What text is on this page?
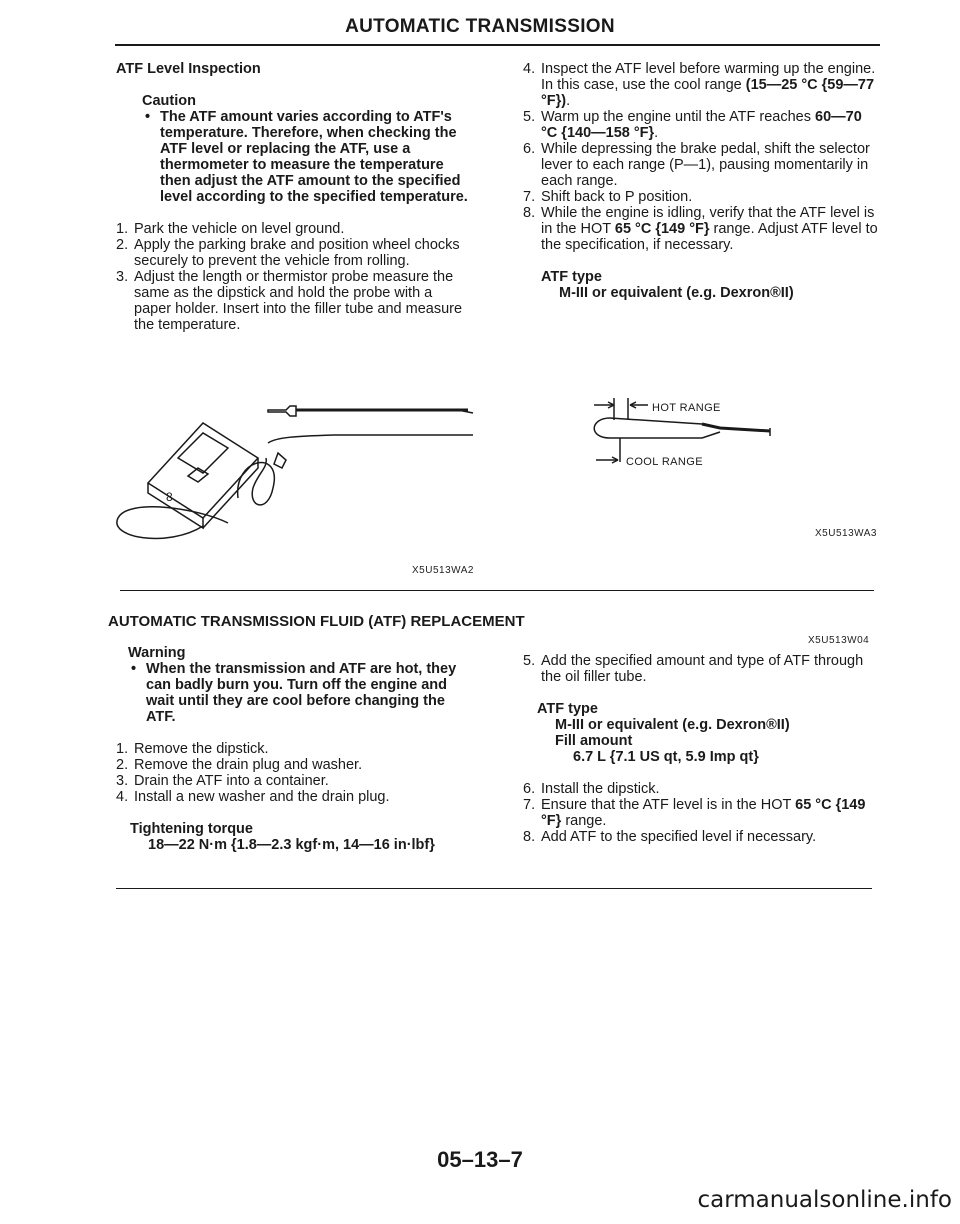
AUTOMATIC TRANSMISSION
ATF Level Inspection
Caution
• The ATF amount varies according to ATF's temperature. Therefore, when checking the ATF level or replacing the ATF, use a thermometer to measure the temperature then adjust the ATF amount to the specified level according to the specified temperature.
1. Park the vehicle on level ground.
2. Apply the parking brake and position wheel chocks securely to prevent the vehicle from rolling.
3. Adjust the length or thermistor probe measure the same as the dipstick and hold the probe with a paper holder. Insert into the filler tube and measure the temperature.
4. Inspect the ATF level before warming up the engine. In this case, use the cool range (15—25 °C {59—77 °F}).
5. Warm up the engine until the ATF reaches 60—70 °C {140—158 °F}.
6. While depressing the brake pedal, shift the selector lever to each range (P—1), pausing momentarily in each range.
7. Shift back to P position.
8. While the engine is idling, verify that the ATF level is in the HOT 65 °C {149 °F} range. Adjust ATF level to the specification, if necessary.
ATF type
M-III or equivalent (e.g. Dexron®II)
8
X5U513WA2
HOT RANGE
COOL RANGE
X5U513WA3
AUTOMATIC TRANSMISSION FLUID (ATF) REPLACEMENT
X5U513W04
Warning
• When the transmission and ATF are hot, they can badly burn you. Turn off the engine and wait until they are cool before changing the ATF.
1. Remove the dipstick.
2. Remove the drain plug and washer.
3. Drain the ATF into a container.
4. Install a new washer and the drain plug.
Tightening torque
18—22 N·m {1.8—2.3 kgf·m, 14—16 in·lbf}
5. Add the specified amount and type of ATF through the oil filler tube.
ATF type
M-III or equivalent (e.g. Dexron®II)
Fill amount
6.7 L {7.1 US qt, 5.9 Imp qt}
6. Install the dipstick.
7. Ensure that the ATF level is in the HOT 65 °C {149 °F} range.
8. Add ATF to the specified level if necessary.
05–13–7
carmanualsonline.info
